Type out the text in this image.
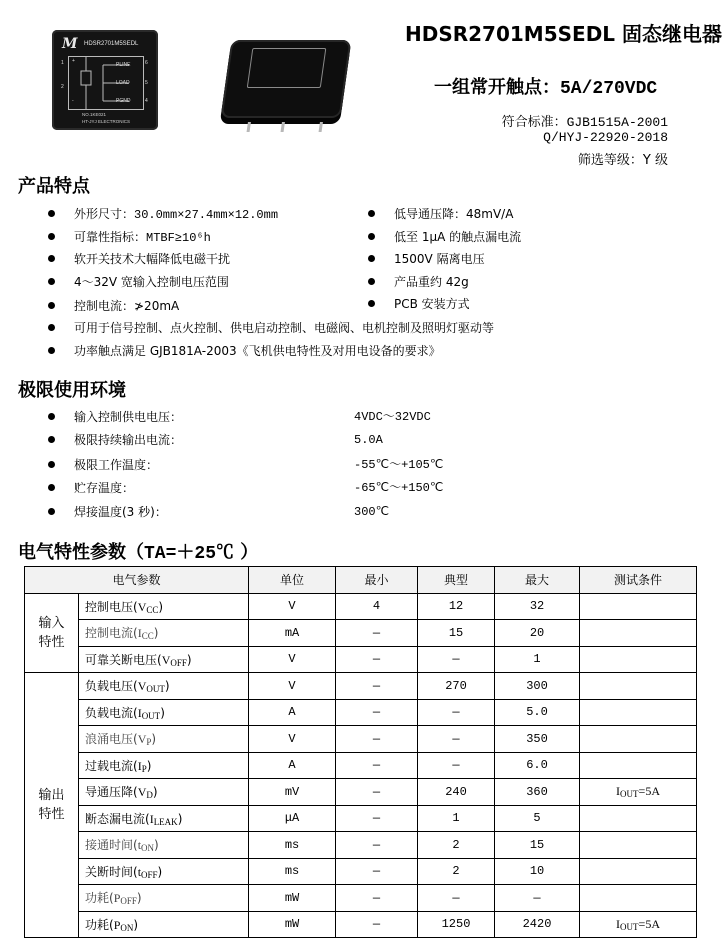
M HDSR2701M5SEDL
+
-
PLINE
LOAD
PGND
1
2
6
5
4
NO.1KE021
HT-JYJ ELECTRONICS
HDSR2701M5SEDL 固态继电器
一组常开触点：5A/270VDC
符合标准：GJB1515A-2001
Q/HYJ-22920-2018
筛选等级：Y 级
产品特点
外形尺寸：30.0mm×27.4mm×12.0mm
可靠性指标：MTBF≥10⁶h
软开关技术大幅降低电磁干扰
4～32V 宽输入控制电压范围
控制电流：≯20mA
低导通压降：48mV/A
低至 1μA 的触点漏电流
1500V 隔离电压
产品重约 42g
PCB 安装方式
可用于信号控制、点火控制、供电启动控制、电磁阀、电机控制及照明灯驱动等
功率触点满足 GJB181A-2003《飞机供电特性及对用电设备的要求》
极限使用环境
输入控制供电电压：	4VDC～32VDC
极限持续输出电流：	5.0A
极限工作温度：	-55℃～+105℃
贮存温度：	-65℃～+150℃
焊接温度(3 秒)：	300℃
电气特性参数（TA=＋25℃ ）
电气参数		单位	最小	典型	最大	测试条件
输入
特性	控制电压$(V_{CC})$	V	4	12	32	
	控制电流$(I_{CC})$	mA	—	15	20	
	可靠关断电压$(V_{OFF})$	V	—	—	1	
输出
特性	负载电压$(V_{OUT})$	V	—	270	300	
	负载电流$(I_{OUT})$	A	—	—	5.0	
	浪涌电压$(V_P)$	V	—	—	350	
	过载电流$(I_P)$	A	—	—	6.0	
	导通压降$(V_D)$	mV	—	240	360	$I_{OUT}=5A$
	断态漏电流$(I_{LEAK})$	μA	—	1	5	
	接通时间$(t_{ON})$	ms	—	2	15	
	关断时间$(t_{OFF})$	ms	—	2	10	
	功耗$(P_{OFF})$	mW	—	—	—	
	功耗$(P_{ON})$	mW	—	1250	2420	$I_{OUT}=5A$
